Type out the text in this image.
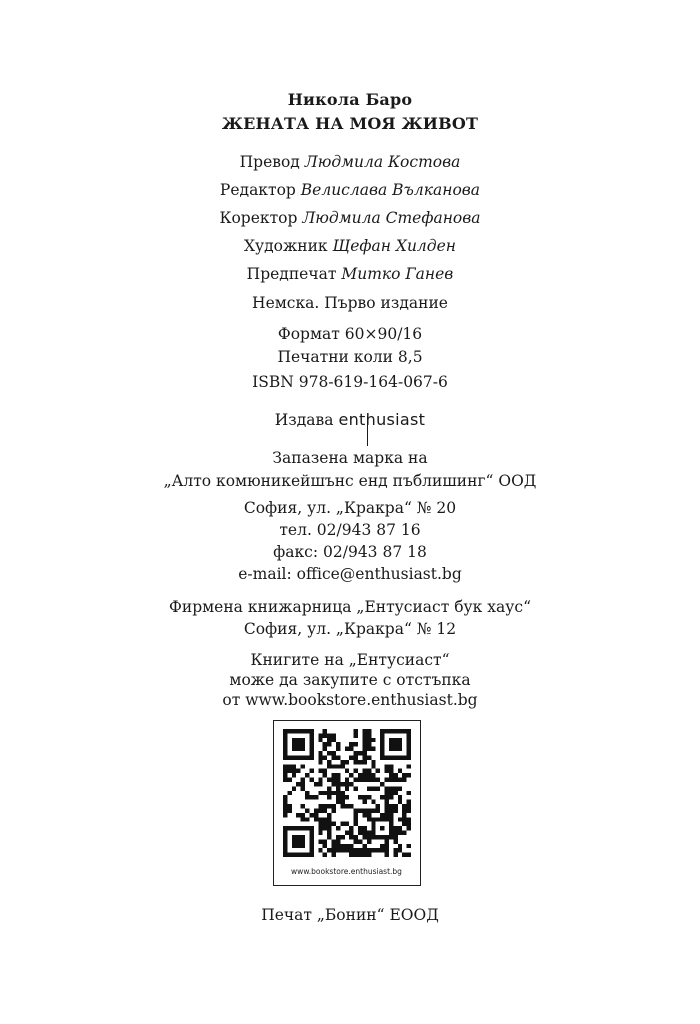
Никола Баро
ЖЕНАТА НА МОЯ ЖИВОТ
Превод Людмила Костова
Редактор Велислава Вълканова
Коректор Людмила Стефанова
Художник Щефан Хилден
Предпечат Митко Ганев
Немска. Първо издание
Формат 60×90/16
Печатни коли 8,5
ISBN 978-619-164-067-6
Издава enthusiast
Запазена марка на
„Алто комюникейшънс енд пъблишинг“ ООД
София, ул. „Кракра“ № 20
тел. 02/943 87 16
факс: 02/943 87 18
e-mail: office@enthusiast.bg
Фирмена книжарница „Ентусиаст бук хаус“
София, ул. „Кракра“ № 12
Книгите на „Ентусиаст“
може да закупите с отстъпка
от www.bookstore.enthusiast.bg
www.bookstore.enthusiast.bg
Печат „Бонин“ ЕООД
